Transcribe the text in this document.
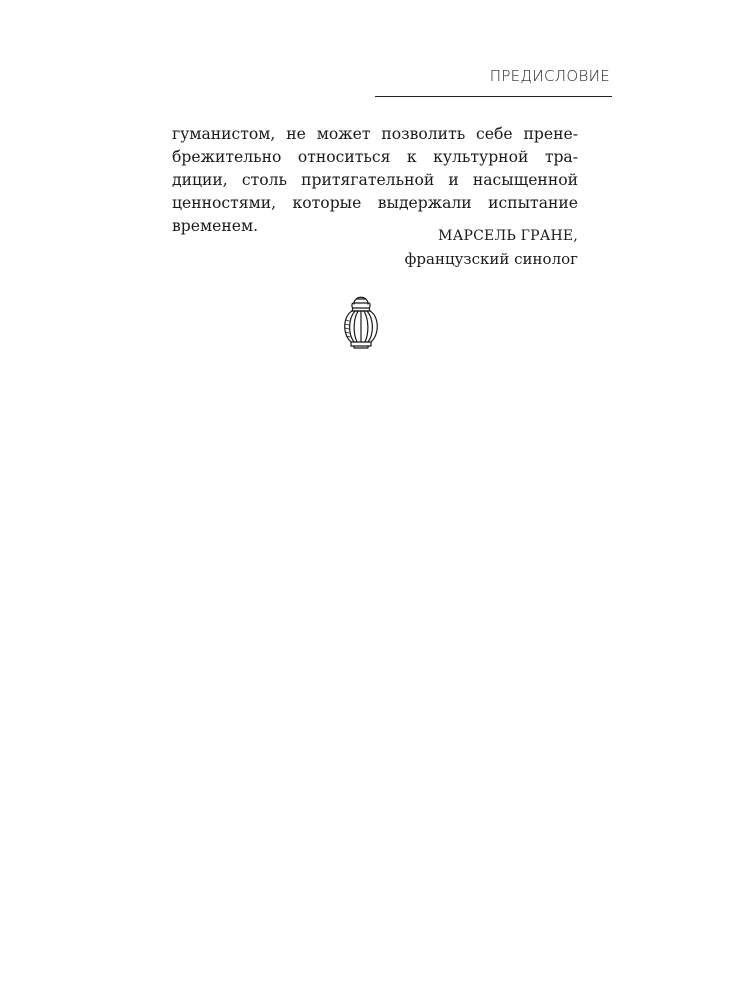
ПРЕДИСЛОВИЕ
гуманистом, не может позволить себе прене-
брежительно относиться к культурной тра-
диции, столь притягательной и насыщенной
ценностями, которые выдержали испытание
временем.
МАРСЕЛЬ ГРАНЕ,
французский синолог
